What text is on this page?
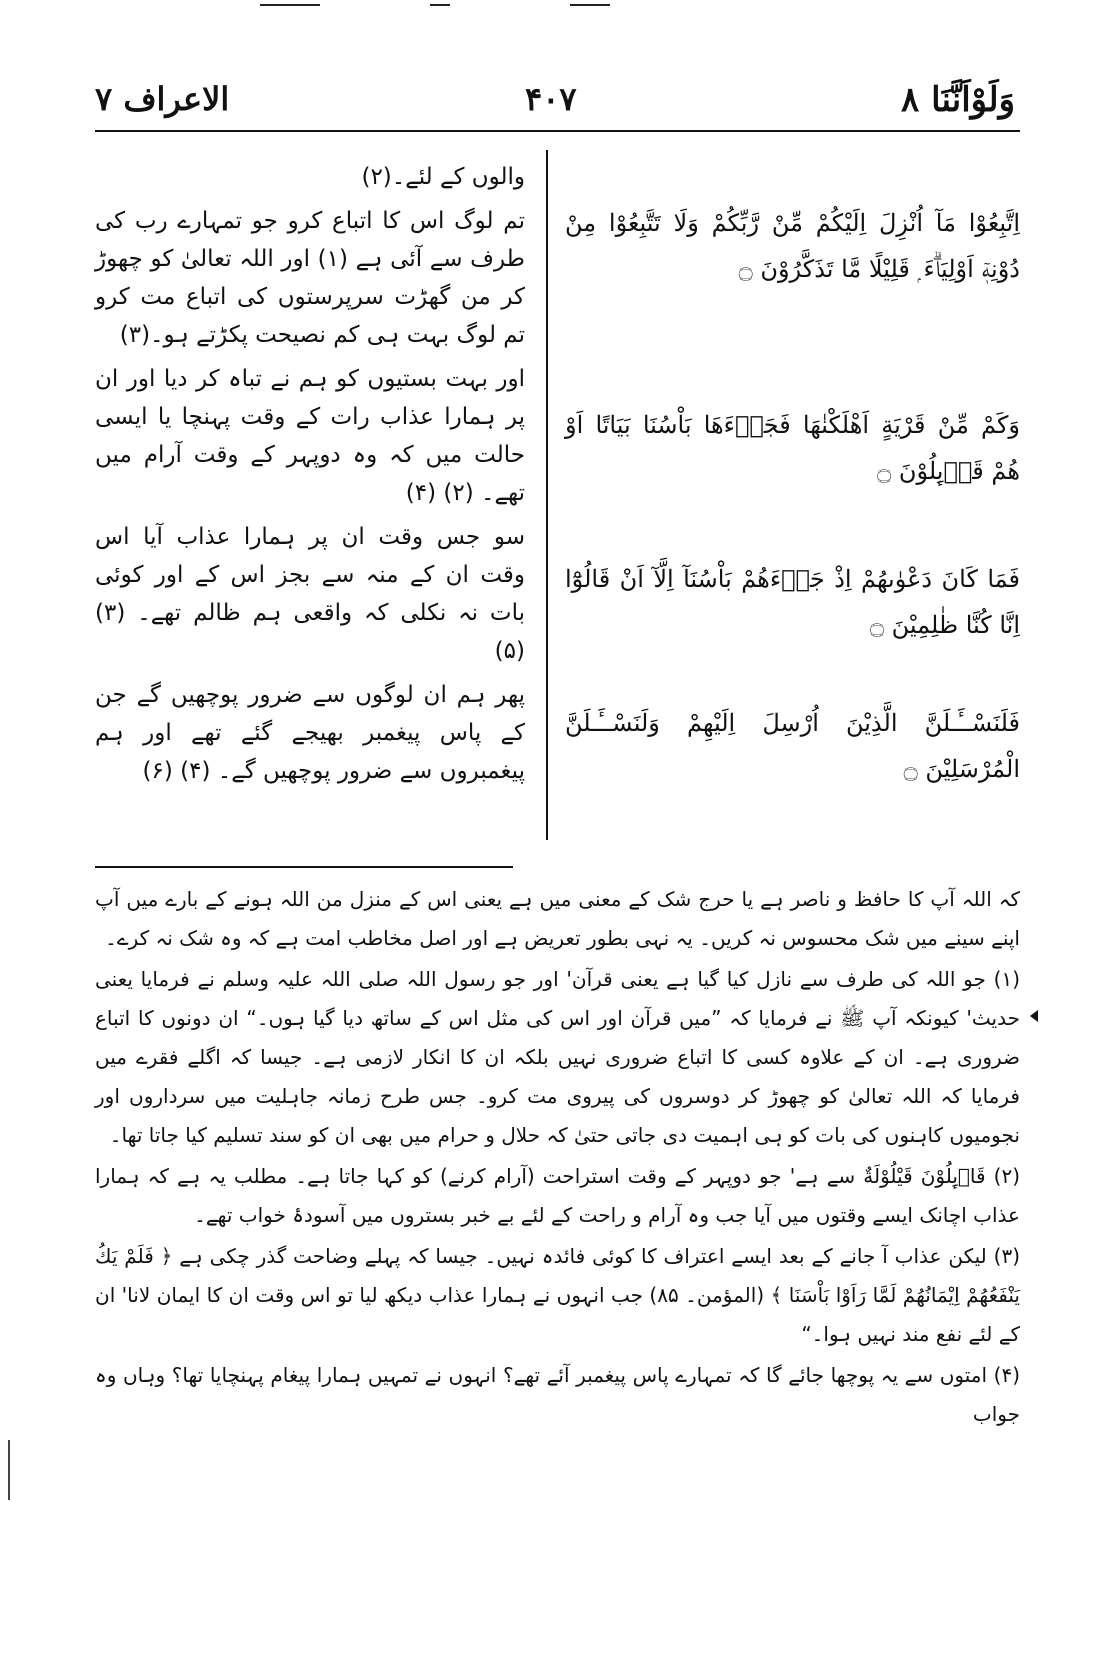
وَلَوْاَنَّنَا ۸
۴۰۷
الاعراف ۷
والوں کے لئے۔(۲)
تم لوگ اس کا اتباع کرو جو تمہارے رب کی طرف سے آئی ہے (۱) اور اللہ تعالیٰ کو چھوڑ کر من گھڑت سرپرستوں کی اتباع مت کرو تم لوگ بہت ہی کم نصیحت پکڑتے ہو۔(۳)
اور بہت بستیوں کو ہم نے تباہ کر دیا اور ان پر ہمارا عذاب رات کے وقت پہنچا یا ایسی حالت میں کہ وہ دوپہر کے وقت آرام میں تھے۔ (۲) (۴)
سو جس وقت ان پر ہمارا عذاب آیا اس وقت ان کے منہ سے بجز اس کے اور کوئی بات نہ نکلی کہ واقعی ہم ظالم تھے۔ (۳) (۵)
پھر ہم ان لوگوں سے ضرور پوچھیں گے جن کے پاس پیغمبر بھیجے گئے تھے اور ہم پیغمبروں سے ضرور پوچھیں گے۔ (۴) (۶)
اِتَّبِعُوْا مَآ اُنْزِلَ اِلَيْكُمْ مِّنْ رَّبِّكُمْ وَلَا تَتَّبِعُوْا مِنْ دُوْنِهٖٓ اَوْلِيَاۗءَ ۭ قَلِيْلًا مَّا تَذَكَّرُوْنَ ۝
وَكَمْ مِّنْ قَرْيَةٍ اَهْلَكْنٰهَا فَجَاۗءَهَا بَاْسُنَا بَيَاتًا اَوْ هُمْ قَاۗىِٕلُوْنَ ۝
فَمَا كَانَ دَعْوٰىهُمْ اِذْ جَاۗءَهُمْ بَاْسُنَآ اِلَّآ اَنْ قَالُوْٓا اِنَّا كُنَّا ظٰلِمِيْنَ ۝
فَلَنَسْــَٔـلَنَّ الَّذِيْنَ اُرْسِلَ اِلَيْهِمْ وَلَنَسْــَٔـلَنَّ الْمُرْسَلِيْنَ ۝

کہ اللہ آپ کا حافظ و ناصر ہے یا حرج شک کے معنی میں ہے یعنی اس کے منزل من اللہ ہونے کے بارے میں آپ اپنے سینے میں شک محسوس نہ کریں۔ یہ نہی بطور تعریض ہے اور اصل مخاطب امت ہے کہ وہ شک نہ کرے۔

(۱) جو اللہ کی طرف سے نازل کیا گیا ہے یعنی قرآن' اور جو رسول اللہ صلی اللہ علیہ وسلم نے فرمایا یعنی حدیث' کیونکہ آپ ﷺ نے فرمایا کہ ”میں قرآن اور اس کی مثل اس کے ساتھ دیا گیا ہوں۔“ ان دونوں کا اتباع ضروری ہے۔ ان کے علاوہ کسی کا اتباع ضروری نہیں بلکہ ان کا انکار لازمی ہے۔ جیسا کہ اگلے فقرے میں فرمایا کہ اللہ تعالیٰ کو چھوڑ کر دوسروں کی پیروی مت کرو۔ جس طرح زمانہ جاہلیت میں سرداروں اور نجومیوں کاہنوں کی بات کو ہی اہمیت دی جاتی حتیٰ کہ حلال و حرام میں بھی ان کو سند تسلیم کیا جاتا تھا۔

(۲) قَاۗىِٕلُوْنَ قَيْلُوْلَةٌ سے ہے' جو دوپہر کے وقت استراحت (آرام کرنے) کو کہا جاتا ہے۔ مطلب یہ ہے کہ ہمارا عذاب اچانک ایسے وقتوں میں آیا جب وہ آرام و راحت کے لئے بے خبر بستروں میں آسودۂ خواب تھے۔

(۳) لیکن عذاب آ جانے کے بعد ایسے اعتراف کا کوئی فائدہ نہیں۔ جیسا کہ پہلے وضاحت گذر چکی ہے ﴿ فَلَمْ يَكُ يَنْفَعُهُمْ اِيْمَانُهُمْ لَمَّا رَاَوْا بَاْسَنَا ﴾ (المؤمن۔ ۸۵) جب انہوں نے ہمارا عذاب دیکھ لیا تو اس وقت ان کا ایمان لانا' ان کے لئے نفع مند نہیں ہوا۔“

(۴) امتوں سے یہ پوچھا جائے گا کہ تمہارے پاس پیغمبر آئے تھے؟ انہوں نے تمہیں ہمارا پیغام پہنچایا تھا؟ وہاں وہ جواب
